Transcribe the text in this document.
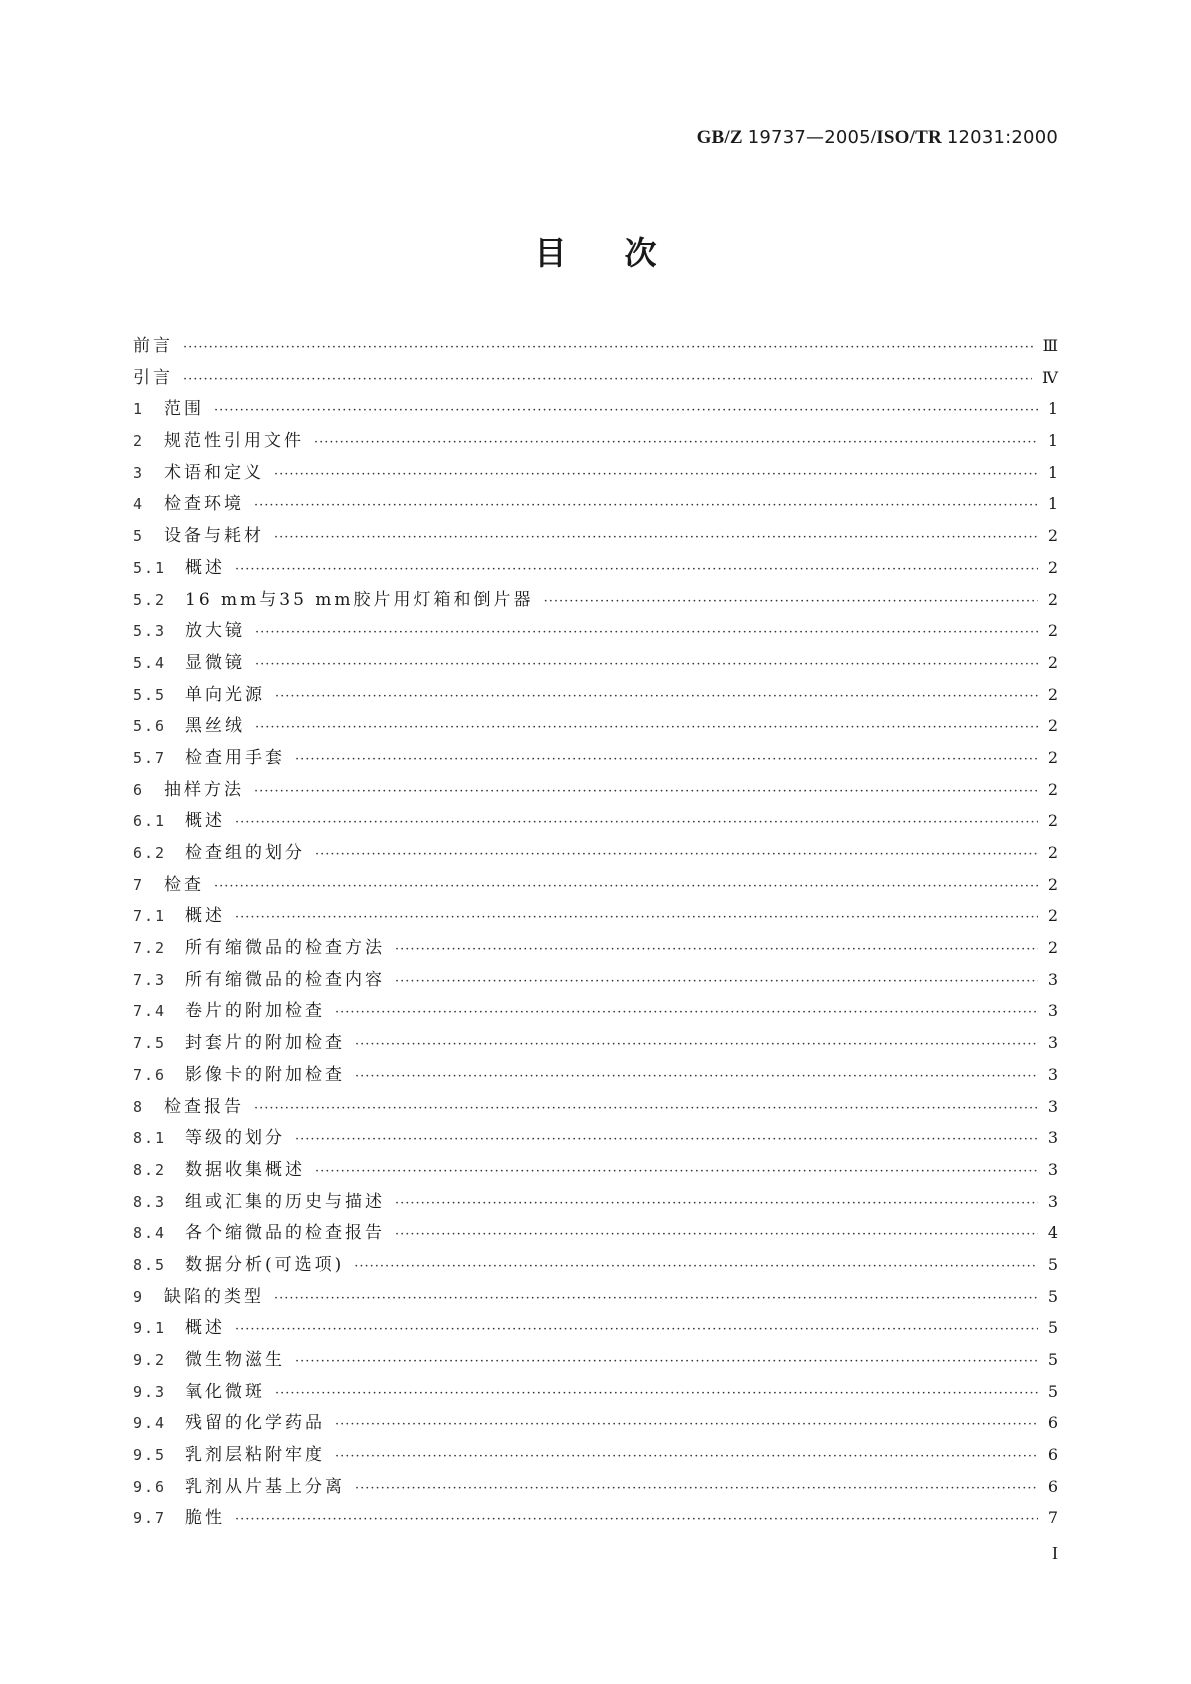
GB/Z 19737—2005/ISO/TR 12031:2000
目次
前言 ·····	Ⅲ
引言 ·····	Ⅳ
1	范围 ·····	1
2	规范性引用文件 ·····	1
3	术语和定义 ·····	1
4	检查环境 ·····	1
5	设备与耗材 ·····	2
5.1	概述 ·····	2
5.2	16 mm与35 mm胶片用灯箱和倒片器 ·····	2
5.3	放大镜 ·····	2
5.4	显微镜 ·····	2
5.5	单向光源 ·····	2
5.6	黑丝绒 ·····	2
5.7	检查用手套 ·····	2
6	抽样方法 ·····	2
6.1	概述 ·····	2
6.2	检查组的划分 ·····	2
7	检查 ·····	2
7.1	概述 ·····	2
7.2	所有缩微品的检查方法 ·····	2
7.3	所有缩微品的检查内容 ·····	3
7.4	卷片的附加检查 ·····	3
7.5	封套片的附加检查 ·····	3
7.6	影像卡的附加检查 ·····	3
8	检查报告 ·····	3
8.1	等级的划分 ·····	3
8.2	数据收集概述 ·····	3
8.3	组或汇集的历史与描述 ·····	3
8.4	各个缩微品的检查报告 ·····	4
8.5	数据分析(可选项) ·····	5
9	缺陷的类型 ·····	5
9.1	概述 ·····	5
9.2	微生物滋生 ·····	5
9.3	氧化微斑 ·····	5
9.4	残留的化学药品 ·····	6
9.5	乳剂层粘附牢度 ·····	6
9.6	乳剂从片基上分离 ·····	6
9.7	脆性 ·····	7
I
